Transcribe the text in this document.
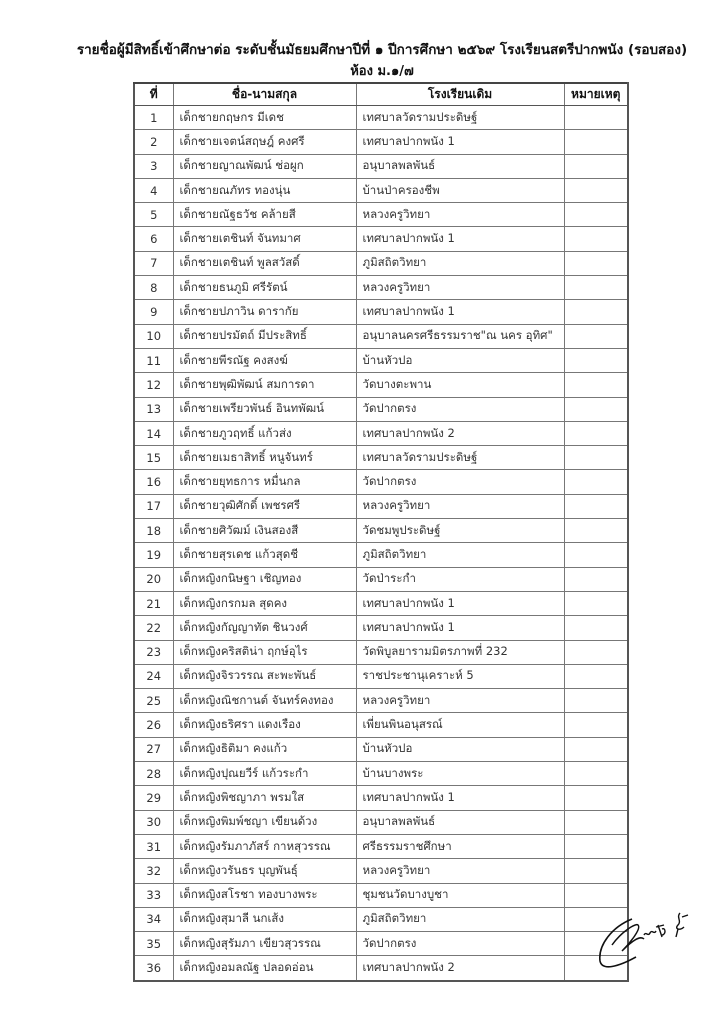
รายชื่อผู้มีสิทธิ์เข้าศึกษาต่อ ระดับชั้นมัธยมศึกษาปีที่ ๑ ปีการศึกษา ๒๕๖๙ โรงเรียนสตรีปากพนัง (รอบสอง)
ห้อง ม.๑/๗
ที่	ชื่อ-นามสกุล	โรงเรียนเดิม	หมายเหตุ
1	เด็กชายกฤษกร มีเดช	เทศบาลวัดรามประดิษฐ์	
2	เด็กชายเจตน์สฤษฎ์ คงศรี	เทศบาลปากพนัง 1	
3	เด็กชายญาณพัฒน์ ช่อผูก	อนุบาลพลพันธ์	
4	เด็กชายณภัทร ทองนุ่น	บ้านป่าครองชีพ	
5	เด็กชายณัฐธวัช คล้ายสี	หลวงครูวิทยา	
6	เด็กชายเตชินท์ จันทมาศ	เทศบาลปากพนัง 1	
7	เด็กชายเตชินท์ พูลสวัสดิ์	ภูมิสถิตวิทยา	
8	เด็กชายธนภูมิ ศรีรัตน์	หลวงครูวิทยา	
9	เด็กชายปภาวิน ดารากัย	เทศบาลปากพนัง 1	
10	เด็กชายปรมัตถ์ มีประสิทธิ์	อนุบาลนครศรีธรรมราช"ณ นคร อุทิศ"	
11	เด็กชายพีรณัฐ คงสงฆ์	บ้านหัวปอ	
12	เด็กชายพุฒิพัฒน์ สมการดา	วัดบางตะพาน	
13	เด็กชายเพรียวพันธ์ อินทพัฒน์	วัดปากตรง	
14	เด็กชายภูวฤทธิ์ แก้วส่ง	เทศบาลปากพนัง 2	
15	เด็กชายเมธาสิทธิ์ หนูจันทร์	เทศบาลวัดรามประดิษฐ์	
16	เด็กชายยุทธการ หมื่นกล	วัดปากตรง	
17	เด็กชายวุฒิศักดิ์ เพชรศรี	หลวงครูวิทยา	
18	เด็กชายศิวัฒม์ เงินสองสี	วัดชมพูประดิษฐ์	
19	เด็กชายสุรเดช แก้วสุดชี	ภูมิสถิตวิทยา	
20	เด็กหญิงกนิษฐา เชิญทอง	วัดป่าระกำ	
21	เด็กหญิงกรกมล สุดคง	เทศบาลปากพนัง 1	
22	เด็กหญิงกัญญาทัต ชินวงศ์	เทศบาลปากพนัง 1	
23	เด็กหญิงคริสติน่า ฤกษ์อุไร	วัดพิบูลยารามมิตรภาพที่ 232	
24	เด็กหญิงจิรวรรณ สะพะพันธ์	ราชประชานุเคราะห์ 5	
25	เด็กหญิงณิชกานต์ จันทร์คงทอง	หลวงครูวิทยา	
26	เด็กหญิงธริศรา แดงเรือง	เพี่ยนพินอนุสรณ์	
27	เด็กหญิงธิติมา คงแก้ว	บ้านหัวปอ	
28	เด็กหญิงปุณยวีร์ แก้วระกำ	บ้านบางพระ	
29	เด็กหญิงพิชญาภา พรมใส	เทศบาลปากพนัง 1	
30	เด็กหญิงพิมพ์ชญา เขียนด้วง	อนุบาลพลพันธ์	
31	เด็กหญิงรัมภาภัสร์ กาหสุวรรณ	ศรีธรรมราชศึกษา	
32	เด็กหญิงวรันธร บุญพันธุ์	หลวงครูวิทยา	
33	เด็กหญิงสโรชา ทองบางพระ	ชุมชนวัดบางบูชา	
34	เด็กหญิงสุมาลี นกเส้ง	ภูมิสถิตวิทยา	
35	เด็กหญิงสุรัมภา เขียวสุวรรณ	วัดปากตรง	
36	เด็กหญิงอมลณัฐ ปลอดอ่อน	เทศบาลปากพนัง 2	
